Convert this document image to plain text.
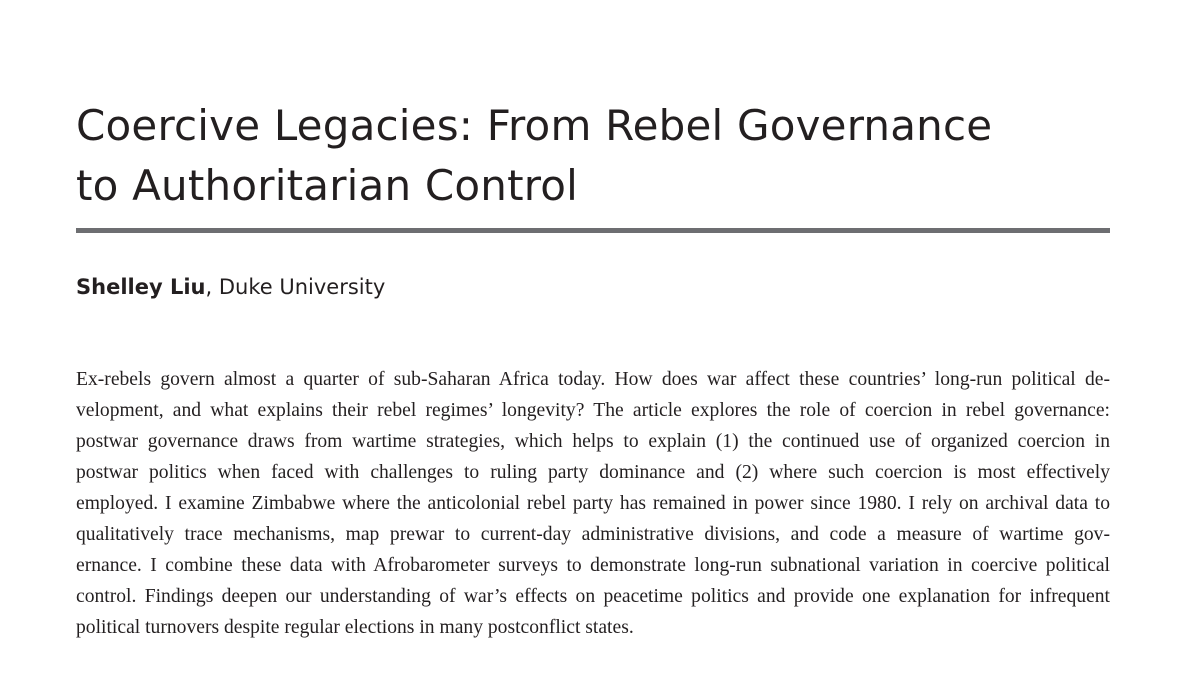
Coercive Legacies: From Rebel Governance
to Authoritarian Control
Shelley Liu, Duke University

Ex-rebels govern almost a quarter of sub-Saharan Africa today. How does war affect these countries’ long-run political de-
velopment, and what explains their rebel regimes’ longevity? The article explores the role of coercion in rebel governance:
postwar governance draws from wartime strategies, which helps to explain (1) the continued use of organized coercion in
postwar politics when faced with challenges to ruling party dominance and (2) where such coercion is most effectively
employed. I examine Zimbabwe where the anticolonial rebel party has remained in power since 1980. I rely on archival data to
qualitatively trace mechanisms, map prewar to current-day administrative divisions, and code a measure of wartime gov-
ernance. I combine these data with Afrobarometer surveys to demonstrate long-run subnational variation in coercive political
control. Findings deepen our understanding of war’s effects on peacetime politics and provide one explanation for infrequent
political turnovers despite regular elections in many postconflict states.
